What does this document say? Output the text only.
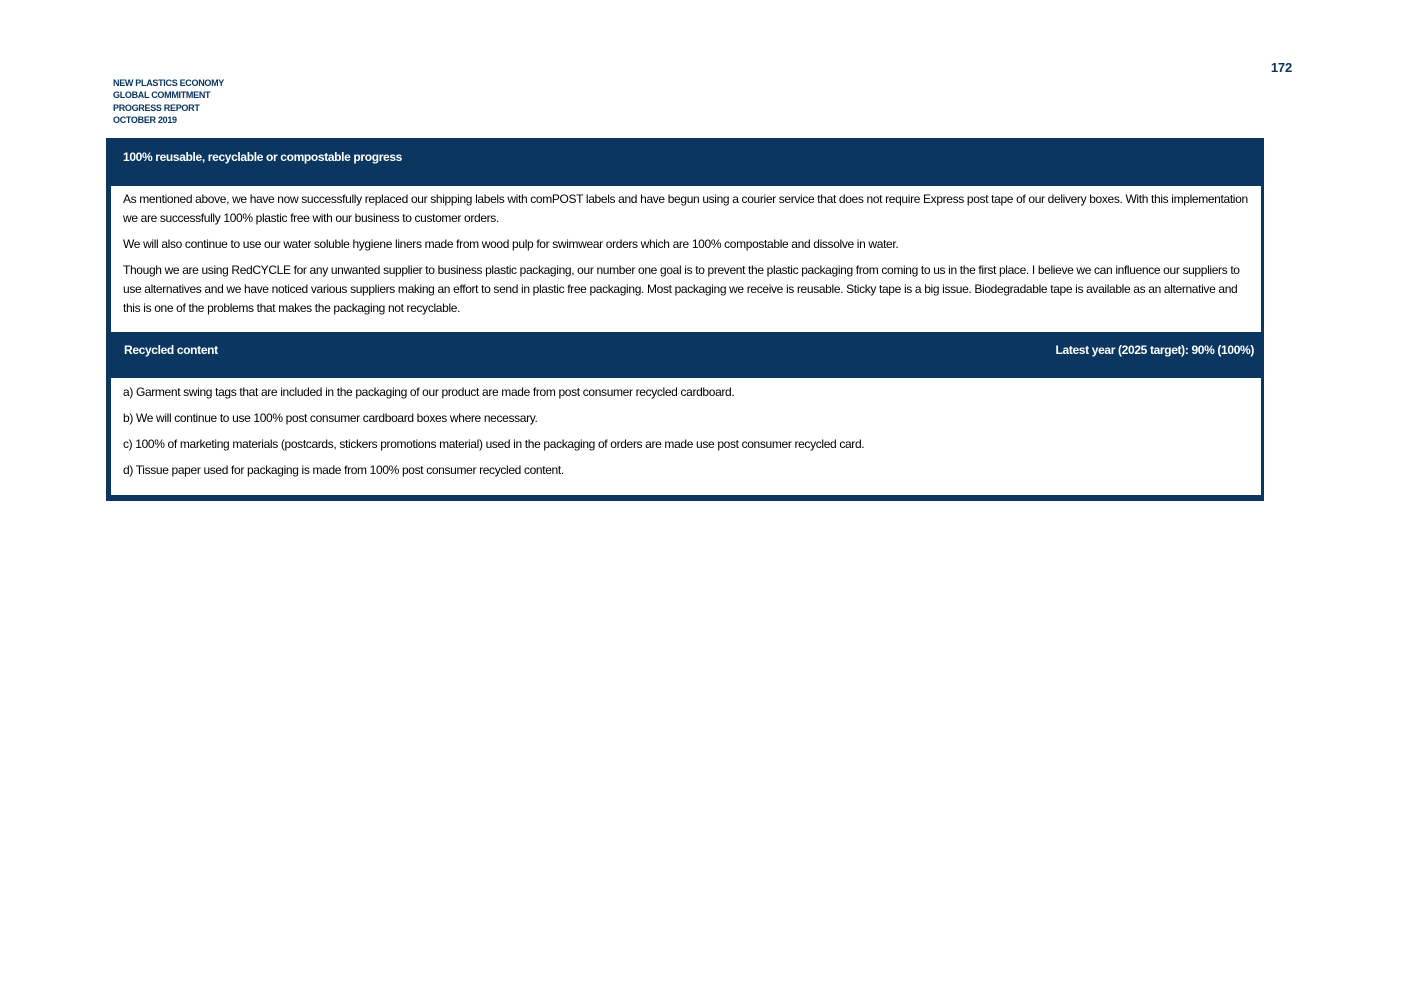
172
NEW PLASTICS ECONOMY
GLOBAL COMMITMENT
PROGRESS REPORT
OCTOBER 2019
100% reusable, recyclable or compostable progress

As mentioned above, we have now successfully replaced our shipping labels with comPOST labels and have begun using a courier service that does not require Express post tape of our delivery boxes. With this implementation we are successfully 100% plastic free with our business to customer orders.

We will also continue to use our water soluble hygiene liners made from wood pulp for swimwear orders which are 100% compostable and dissolve in water.

Though we are using RedCYCLE for any unwanted supplier to business plastic packaging, our number one goal is to prevent the plastic packaging from coming to us in the first place. I believe we can influence our suppliers to use alternatives and we have noticed various suppliers making an effort to send in plastic free packaging. Most packaging we receive is reusable. Sticky tape is a big issue. Biodegradable tape is available as an alternative and this is one of the problems that makes the packaging not recyclable.

Recycled content	Latest year (2025 target): 90% (100%)

a) Garment swing tags that are included in the packaging of our product are made from post consumer recycled cardboard.

b) We will continue to use 100% post consumer cardboard boxes where necessary.

c) 100% of marketing materials (postcards, stickers promotions material) used in the packaging of orders are made use post consumer recycled card.

d) Tissue paper used for packaging is made from 100% post consumer recycled content.
